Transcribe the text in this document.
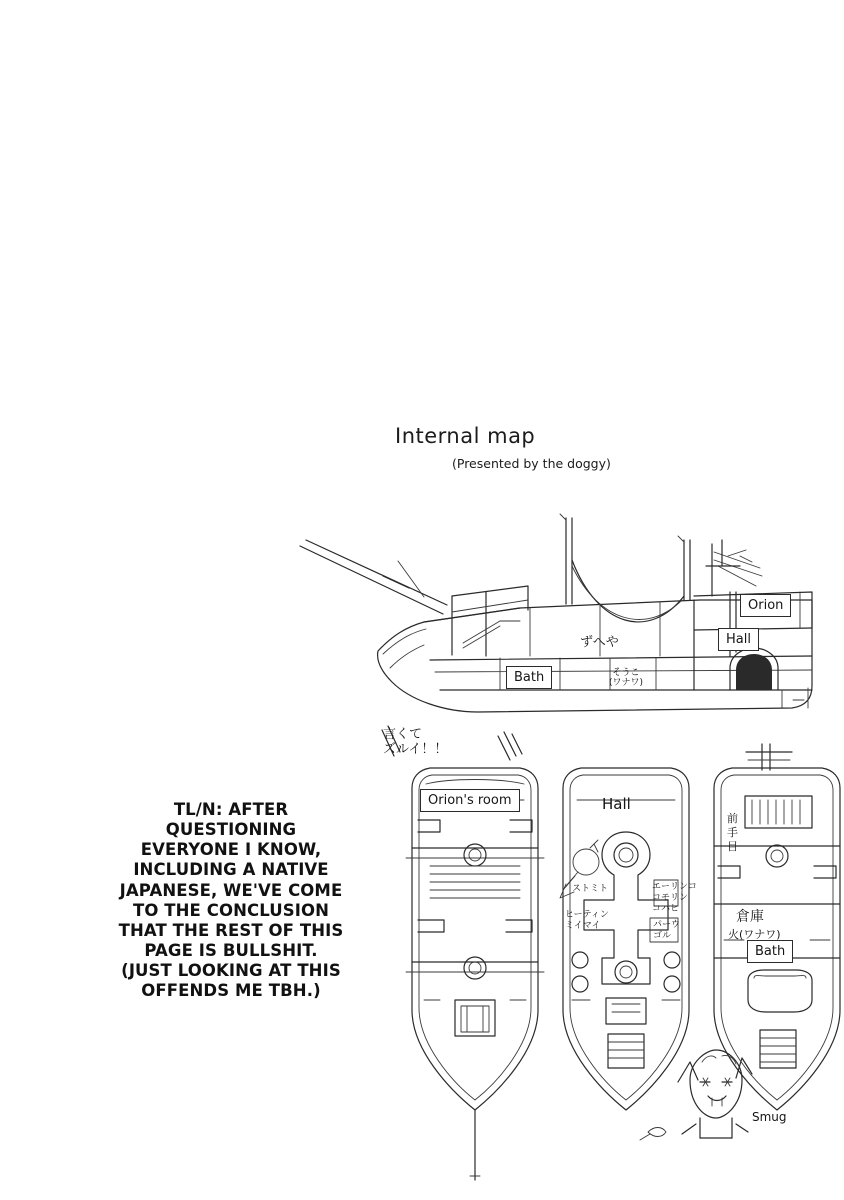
Internal map
(Presented by the doggy)
Orion
Hall
Bath
ずへや
そうこ
(ワナワ)
Orion's room	Hall
Bath
言くて
ズルイ！！
ストミト	エーリンコ
コモリン
コハヒ
ヒーティン
ミイマイ	パーウ
ゴル
前
手
目
倉庫
火(ワナワ)
Smug
TL/N: AFTER QUESTIONING EVERYONE I KNOW, INCLUDING A NATIVE JAPANESE, WE'VE COME TO THE CONCLUSION THAT THE REST OF THIS PAGE IS BULLSHIT. (JUST LOOKING AT THIS OFFENDS ME TBH.)
